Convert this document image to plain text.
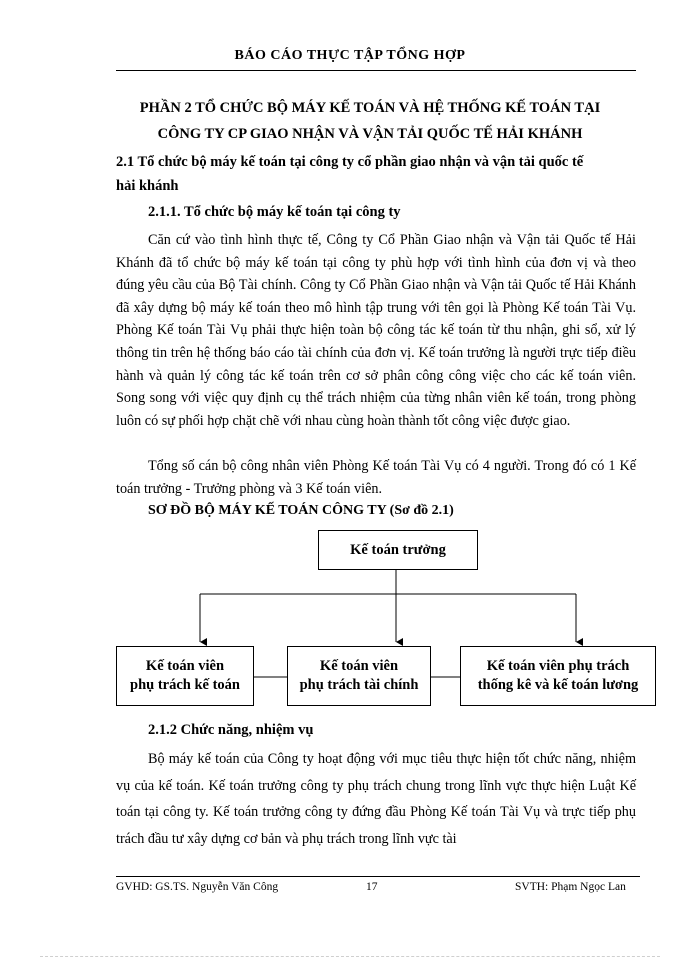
BÁO CÁO THỰC TẬP TỔNG HỢP
PHẦN 2 TỔ CHỨC BỘ MÁY KẾ TOÁN VÀ HỆ THỐNG KẾ TOÁN TẠI
CÔNG TY CP GIAO NHẬN VÀ VẬN TẢI QUỐC TẾ HẢI KHÁNH
2.1 Tổ chức bộ máy kế toán tại công ty cổ phần giao nhận và vận tải quốc tế
hải khánh
2.1.1. Tổ chức bộ máy kế toán tại công ty

Căn cứ vào tình hình thực tế, Công ty Cổ Phần Giao nhận và Vận tải Quốc tế Hải Khánh đã tổ chức bộ máy kế toán tại công ty phù hợp với tình hình của đơn vị và theo đúng yêu cầu của Bộ Tài chính. Công ty Cổ Phần Giao nhận và Vận tải Quốc tế Hải Khánh đã xây dựng bộ máy kế toán theo mô hình tập trung với tên gọi là Phòng Kế toán Tài Vụ. Phòng Kế toán Tài Vụ phải thực hiện toàn bộ công tác kế toán từ thu nhận, ghi sổ, xử lý thông tin trên hệ thống báo cáo tài chính của đơn vị. Kế toán trưởng là người trực tiếp điều hành và quản lý công tác kế toán trên cơ sở phân công công việc cho các kế toán viên. Song song với việc quy định cụ thể trách nhiệm của từng nhân viên kế toán, trong phòng luôn có sự phối hợp chặt chẽ với nhau cùng hoàn thành tốt công việc được giao.

Tổng số cán bộ công nhân viên Phòng Kế toán Tài Vụ có 4 người. Trong đó có 1 Kế toán trưởng - Trưởng phòng và 3 Kế toán viên.

SƠ ĐỒ BỘ MÁY KẾ TOÁN CÔNG TY (Sơ đồ 2.1)
Kế toán trưởng
Kế toán viên
phụ trách kế toán
Kế toán viên
phụ trách tài chính
Kế toán viên phụ trách
thống kê và kế toán lương
2.1.2 Chức năng, nhiệm vụ

Bộ máy kế toán của Công ty hoạt động với mục tiêu thực hiện tốt chức năng, nhiệm vụ của kế toán. Kế toán trưởng công ty phụ trách chung trong lĩnh vực thực hiện Luật Kế toán tại công ty. Kế toán trưởng công ty đứng đầu Phòng Kế toán Tài Vụ và trực tiếp phụ trách đầu tư xây dựng cơ bản và phụ trách trong lĩnh vực tài

GVHD: GS.TS. Nguyễn Văn Công	17	SVTH: Phạm Ngọc Lan
